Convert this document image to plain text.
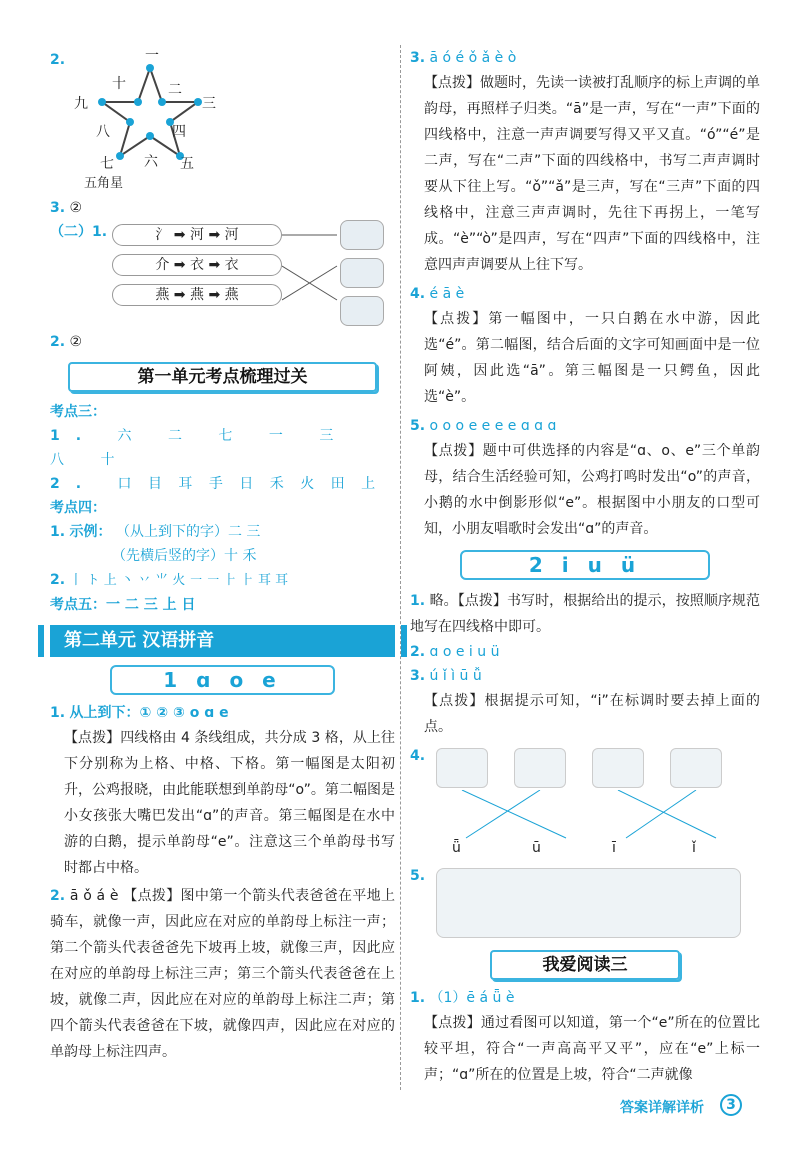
2.	一
二
三
四
五
六
七
八
九
十
五角星
3. ②
（二）1.	氵 ➡ 河 ➡ 河 介 ➡ 衣 ➡ 衣 燕 ➡ 燕 ➡ 燕

2. ②
第一单元考点梳理过关
考点三：
1. 六 二 七 一 三 八 十
2. 口 目 耳 手 日 禾 火 田 上
考点四：
1. 示例： （从上到下的字）二 三
（先横后竖的字）十 禾
2. 丨 ト 上 丶 丷 ⺌ 火 ㇐ ㇐ ⺊ ⺊ 耳 耳
考点五：一 二 三 上 日
第二单元 汉语拼音
1 ɑ o e
1. 从上到下：① ② ③ o ɑ e
【点拨】四线格由 4 条线组成，共分成 3 格，从上往下分别称为上格、中格、下格。第一幅图是太阳初升，公鸡报晓，由此能联想到单韵母“o”。第二幅图是小女孩张大嘴巴发出“ɑ”的声音。第三幅图是在水中游的白鹅，提示单韵母“e”。注意这三个单韵母书写时都占中格。
2. ā ǒ á è 【点拨】图中第一个箭头代表爸爸在平地上骑车，就像一声，因此应在对应的单韵母上标注一声；第二个箭头代表爸爸先下坡再上坡，就像三声，因此应在对应的单韵母上标注三声；第三个箭头代表爸爸在上坡，就像二声，因此应在对应的单韵母上标注二声；第四个箭头代表爸爸在下坡，就像四声，因此应在对应的单韵母上标注四声。
3. ā ó é ǒ ǎ è ò
【点拨】做题时，先读一读被打乱顺序的标上声调的单韵母，再照样子归类。“ā”是一声，写在“一声”下面的四线格中，注意一声声调要写得又平又直。“ó”“é”是二声，写在“二声”下面的四线格中，书写二声声调时要从下往上写。“ǒ”“ǎ”是三声，写在“三声”下面的四线格中，注意三声声调时，先往下再拐上，一笔写成。“è”“ò”是四声，写在“四声”下面的四线格中，注意四声声调要从上往下写。
4. é ā è
【点拨】第一幅图中，一只白鹅在水中游，因此选“é”。第二幅图，结合后面的文字可知画面中是一位阿姨，因此选“ā”。第三幅图是一只鳄鱼，因此选“è”。
5. o o o e e e e ɑ ɑ ɑ
【点拨】题中可供选择的内容是“ɑ、o、e”三个单韵母，结合生活经验可知，公鸡打鸣时发出“o”的声音，小鹅的水中倒影形似“e”。根据图中小朋友的口型可知，小朋友唱歌时会发出“ɑ”的声音。
2 i u ü
1. 略。【点拨】书写时，根据给出的提示，按照顺序规范地写在四线格中即可。
2. ɑ o e i u ü
3. ú ǐ ì ū ǚ
【点拨】根据提示可知，“i”在标调时要去掉上面的点。
4.
ǖ	ū	ī	ǐ
5.
我爱阅读三
1. （1）ē á ǖ è
【点拨】通过看图可以知道，第一个“e”所在的位置比较平坦，符合“一声高高平又平”，应在“e”上标一声；“ɑ”所在的位置是上坡，符合“二声就像
答案详解详析	3
